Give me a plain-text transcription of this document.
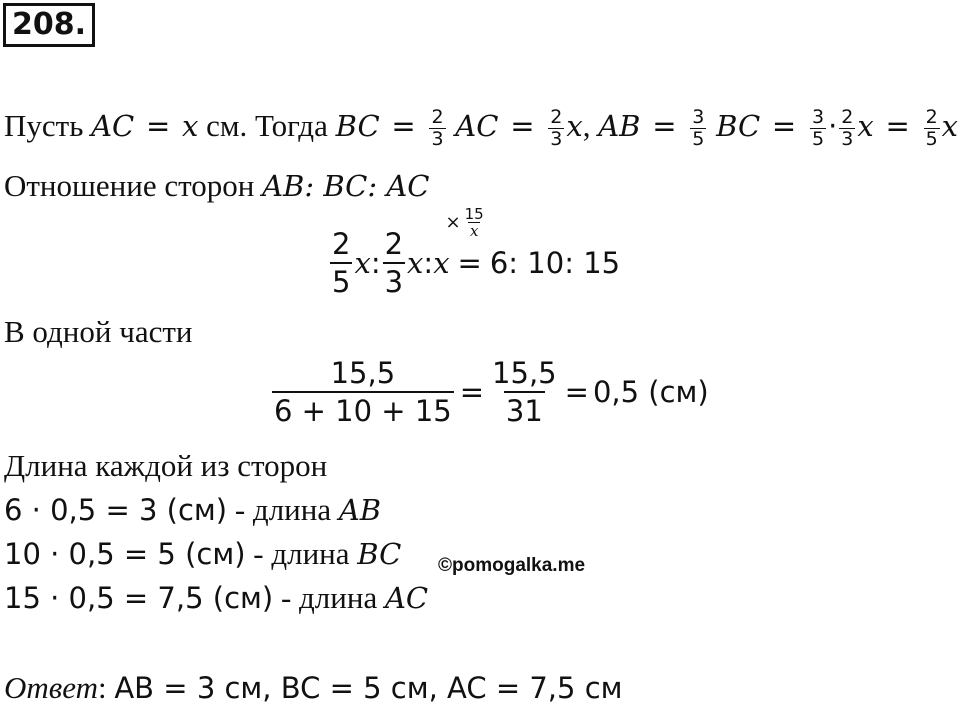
208.
Пусть AC = x см. Тогда BC = $\frac{2}{3}$ AC = $\frac{2}{3} x$, AB = $\frac{3}{5}$ BC = $\frac{3}{5} \cdot \frac{2}{3}$ $x = \frac{2}{5}$ x
Отношение сторон AB: BC: AC
$\frac{2}{5}$ x : $\frac{2}{3}$ x : x
× $\frac{15}{x}$
= 6: 10: 15
В одной части
$\frac{15,5}{6 + 10 + 15} = \frac{15,5}{31} = 0,5$ (см)
Длина каждой из сторон
6 · 0,5 = 3 (см) - длина AB
10 · 0,5 = 5 (см) - длина BC
15 · 0,5 = 7,5 (см) - длина AC
©pomogalka.me
Ответ: AB = 3 см, BC = 5 см, AC = 7,5 см
